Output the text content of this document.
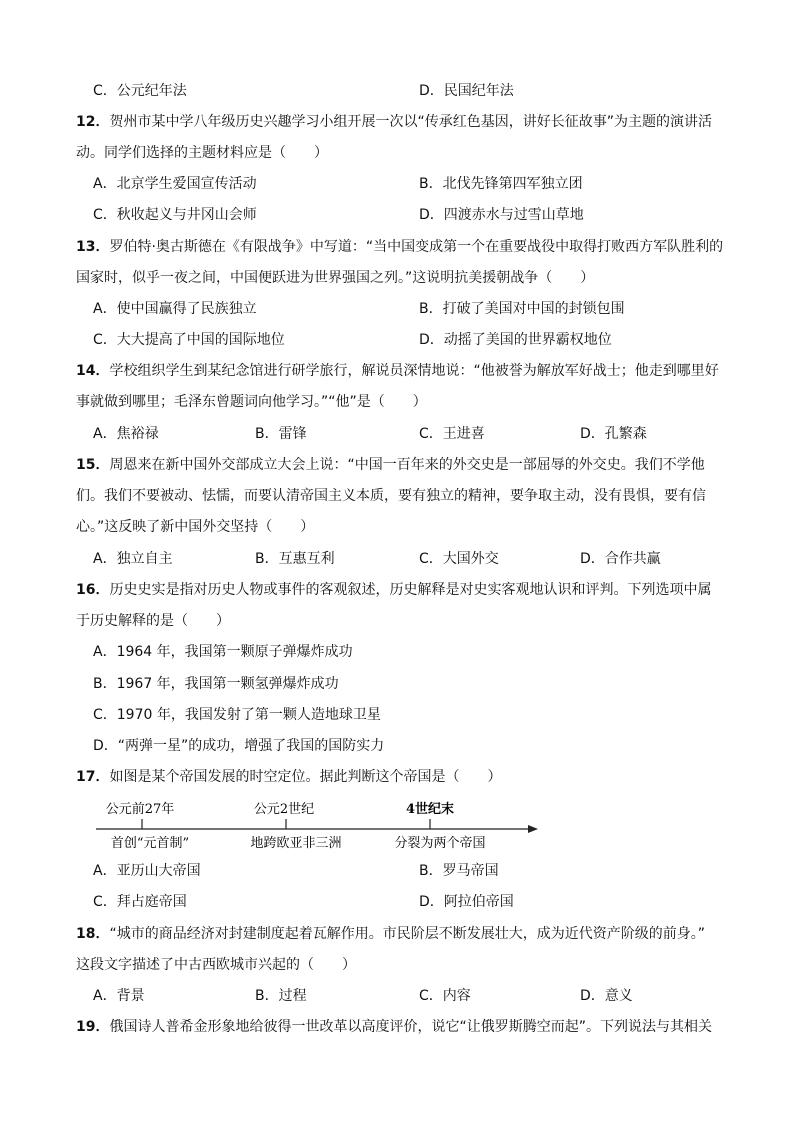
C．公元纪年法	D．民国纪年法
12．贺州市某中学八年级历史兴趣学习小组开展一次以“传承红色基因，讲好长征故事”为主题的演讲活
动。同学们选择的主题材料应是（　　）
A．北京学生爱国宣传活动	B．北伐先锋第四军独立团
C．秋收起义与井冈山会师	D．四渡赤水与过雪山草地
13．罗伯特·奥古斯德在《有限战争》中写道：“当中国变成第一个在重要战役中取得打败西方军队胜利的
国家时，似乎一夜之间，中国便跃进为世界强国之列。”这说明抗美援朝战争（　　）
A．使中国赢得了民族独立	B．打破了美国对中国的封锁包围
C．大大提高了中国的国际地位	D．动摇了美国的世界霸权地位
14．学校组织学生到某纪念馆进行研学旅行，解说员深情地说：“他被誉为解放军好战士；他走到哪里好
事就做到哪里；毛泽东曾题词向他学习。”“他”是（　　）
A．焦裕禄	B．雷锋	C．王进喜	D．孔繁森
15．周恩来在新中国外交部成立大会上说：“中国一百年来的外交史是一部屈辱的外交史。我们不学他
们。我们不要被动、怯懦，而要认清帝国主义本质，要有独立的精神，要争取主动，没有畏惧，要有信
心。”这反映了新中国外交坚持（　　）
A．独立自主	B．互惠互利	C．大国外交	D．合作共赢
16．历史史实是指对历史人物或事件的客观叙述，历史解释是对史实客观地认识和评判。下列选项中属
于历史解释的是（　　）
A．1964 年，我国第一颗原子弹爆炸成功
B．1967 年，我国第一颗氢弹爆炸成功
C．1970 年，我国发射了第一颗人造地球卫星
D．“两弹一星”的成功，增强了我国的国防实力
17．如图是某个帝国发展的时空定位。据此判断这个帝国是（　　）
公元前27年	公元2世纪	4世纪末
首创“元首制”	地跨欧亚非三洲	分裂为两个帝国
A．亚历山大帝国	B．罗马帝国
C．拜占庭帝国	D．阿拉伯帝国
18．“城市的商品经济对封建制度起着瓦解作用。市民阶层不断发展壮大，成为近代资产阶级的前身。”
这段文字描述了中古西欧城市兴起的（　　）
A．背景	B．过程	C．内容	D．意义
19．俄国诗人普希金形象地给彼得一世改革以高度评价，说它“让俄罗斯腾空而起”。下列说法与其相关
